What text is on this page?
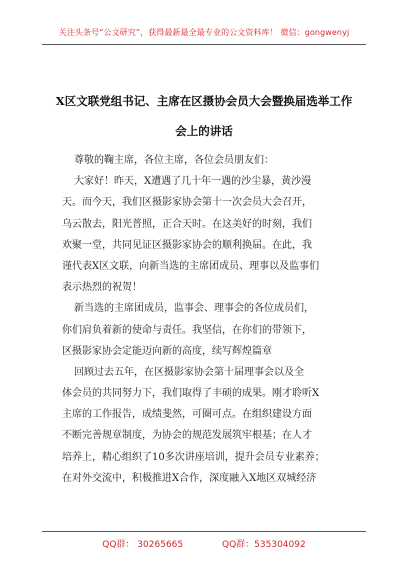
关注头条号“公文研究”，获得最新最全最专业的公文资料库！ 微信：gongwenyj
X区文联党组书记、主席在区摄协会员大会暨换届选举工作
会上的讲话
尊敬的鞠主席，各位主席，各位会员朋友们：
大家好！昨天，X遭遇了几十年一遇的沙尘暴，黄沙漫
天。而今天，我们区摄影家协会第十一次会员大会召开，
乌云散去，阳光普照，正合天时。在这美好的时刻，我们
欢聚一堂，共同见证区摄影家协会的顺利换届。在此，我
谨代表X区文联，向新当选的主席团成员、理事以及监事们
表示热烈的祝贺！
新当选的主席团成员，监事会、理事会的各位成员们，
你们肩负着新的使命与责任。我坚信，在你们的带领下，
区摄影家协会定能迈向新的高度，续写辉煌篇章
回顾过去五年，在区摄影家协会第十届理事会以及全
体会员的共同努力下，我们取得了丰硕的成果。刚才聆听X
主席的工作报告，成绩斐然，可圈可点。在组织建设方面
不断完善规章制度，为协会的规范发展筑牢根基；在人才
培养上，精心组织了10多次讲座培训，提升会员专业素养；
在对外交流中，积极推进X合作，深度融入X地区双城经济
QQ群： 30265665	QQ群：535304092
